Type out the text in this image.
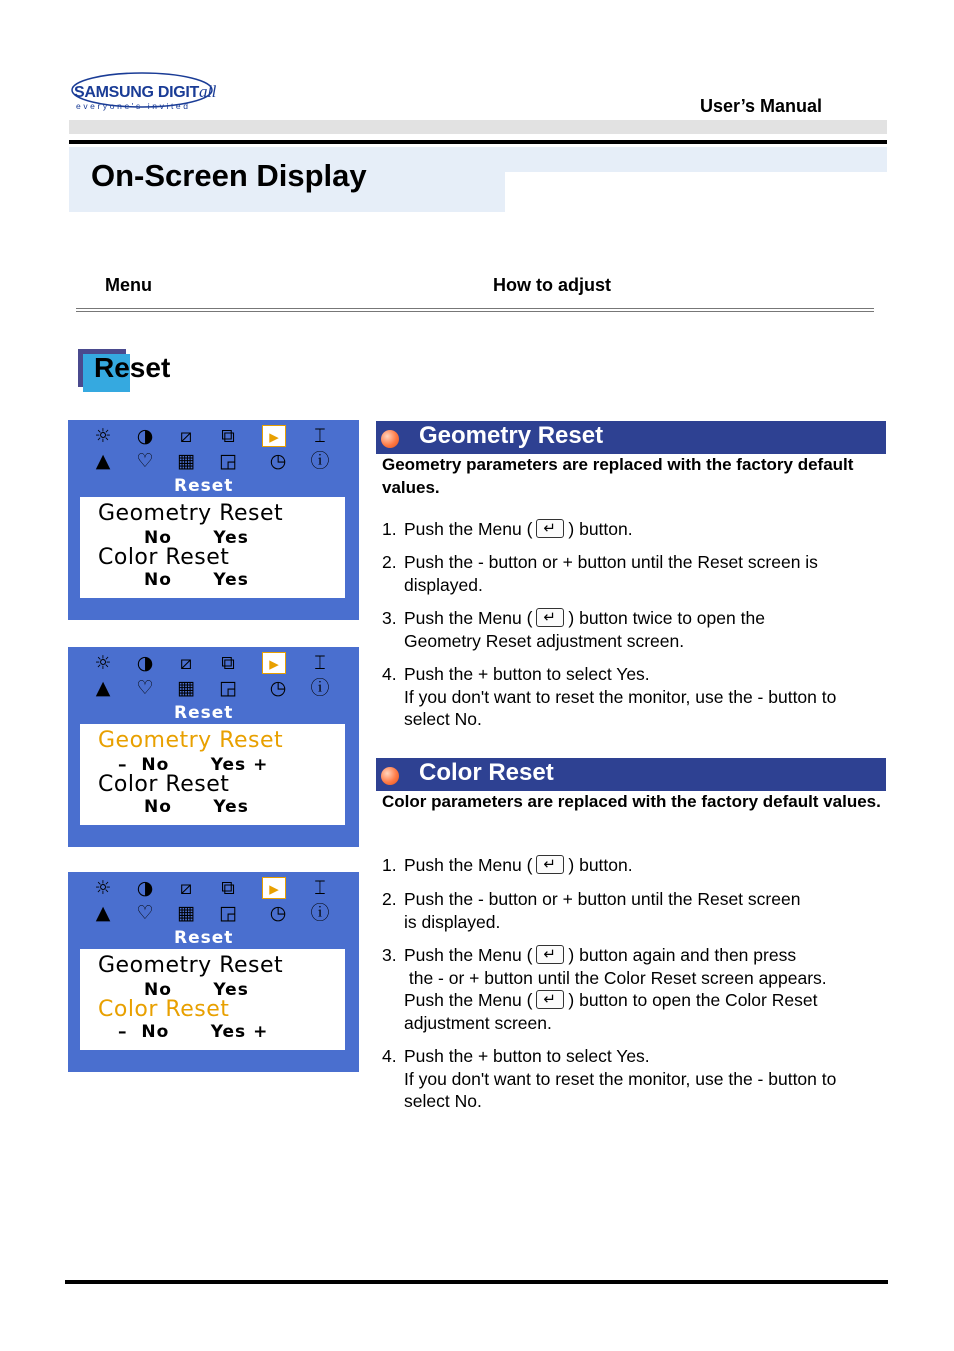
SAMSUNG DIGITall
everyone's invited	User’s Manual
On-Screen Display
Menu	How to adjust
Reset
☼ ◑	⧄	⧉	▸	⌶
▲ ♡ ▦ ◲ ◷ ⓘ
Reset
Geometry Reset
No      Yes
Color Reset
No      Yes
☼ ◑	⧄	⧉	▸	⌶
▲ ♡ ▦ ◲ ◷ ⓘ
Reset
Geometry Reset
–  No      Yes +
Color Reset
No      Yes
☼ ◑	⧄	⧉	▸	⌶
▲ ♡ ▦ ◲ ◷ ⓘ
Reset
Geometry Reset
No      Yes
Color Reset
–  No      Yes +
Geometry Reset
Geometry parameters are replaced with the factory default values.
1. Push the Menu ( ↵ ) button.
2. Push the - button or + button until the Reset screen is
displayed.
3. Push the Menu ( ↵ ) button twice to open the
Geometry Reset adjustment screen.
4. Push the + button to select Yes.
If you don't want to reset the monitor, use the - button to
select No.
Color Reset
Color parameters are replaced with the factory default values.
1. Push the Menu ( ↵ ) button.
2. Push the - button or + button until the Reset screen
is displayed.
3. Push the Menu ( ↵ ) button again and then press
the - or + button until the Color Reset screen appears.
Push the Menu ( ↵ ) button to open the Color Reset
adjustment screen.
4. Push the + button to select Yes.
If you don't want to reset the monitor, use the - button to
select No.
